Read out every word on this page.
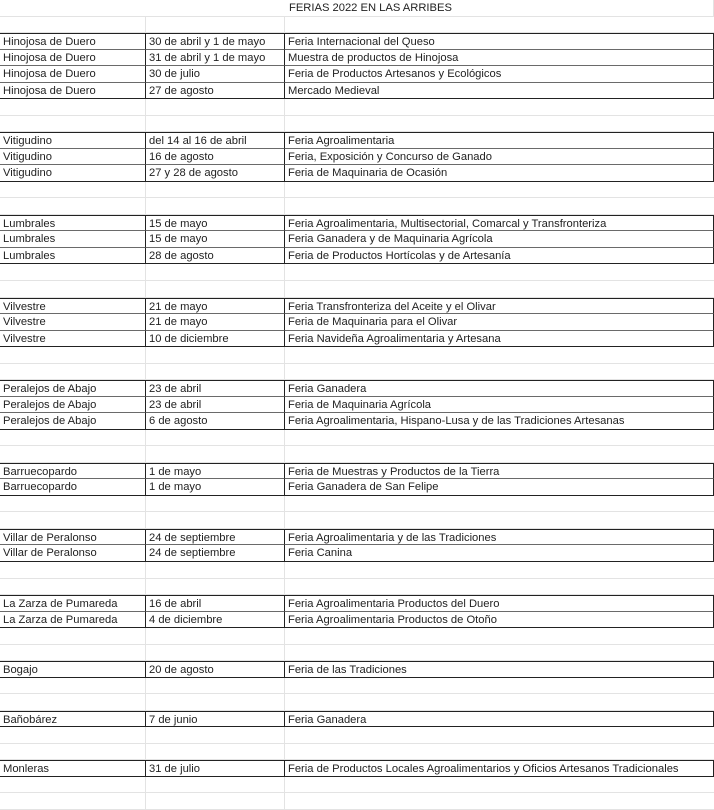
FERIAS 2022 EN LAS ARRIBES
Hinojosa de Duero	30 de abril y 1 de mayo	Feria Internacional del Queso
Hinojosa de Duero	31 de abril y 1 de mayo	Muestra de productos de Hinojosa
Hinojosa de Duero	30 de julio	Feria de Productos Artesanos y Ecológicos
Hinojosa de Duero	27 de agosto	Mercado Medieval
Vitigudino	del 14 al 16 de abril	Feria Agroalimentaria
Vitigudino	16 de agosto	Feria, Exposición y Concurso de Ganado
Vitigudino	27 y 28 de agosto	Feria de Maquinaria de Ocasión
Lumbrales	15 de mayo	Feria Agroalimentaria, Multisectorial, Comarcal y Transfronteriza
Lumbrales	15 de mayo	Feria Ganadera y de Maquinaria Agrícola
Lumbrales	28 de agosto	Feria de Productos Hortícolas y de Artesanía
Vilvestre	21 de mayo	Feria Transfronteriza del Aceite y el Olivar
Vilvestre	21 de mayo	Feria de Maquinaria para el Olivar
Vilvestre	10 de diciembre	Feria Navideña Agroalimentaria y Artesana
Peralejos de Abajo	23 de abril	Feria Ganadera
Peralejos de Abajo	23 de abril	Feria de Maquinaria Agrícola
Peralejos de Abajo	6 de agosto	Feria Agroalimentaria, Hispano-Lusa y de las Tradiciones Artesanas
Barruecopardo	1 de mayo	Feria de Muestras y Productos de la Tierra
Barruecopardo	1 de mayo	Feria Ganadera de San Felipe
Villar de Peralonso	24 de septiembre	Feria Agroalimentaria y de las Tradiciones
Villar de Peralonso	24 de septiembre	Feria Canina
La Zarza de Pumareda	16 de abril	Feria Agroalimentaria Productos del Duero
La Zarza de Pumareda	4 de diciembre	Feria Agroalimentaria Productos de Otoño
Bogajo	20 de agosto	Feria de las Tradiciones
Bañobárez	7 de junio	Feria Ganadera
Monleras	31 de julio	Feria de Productos Locales Agroalimentarios y Oficios Artesanos Tradicionales
